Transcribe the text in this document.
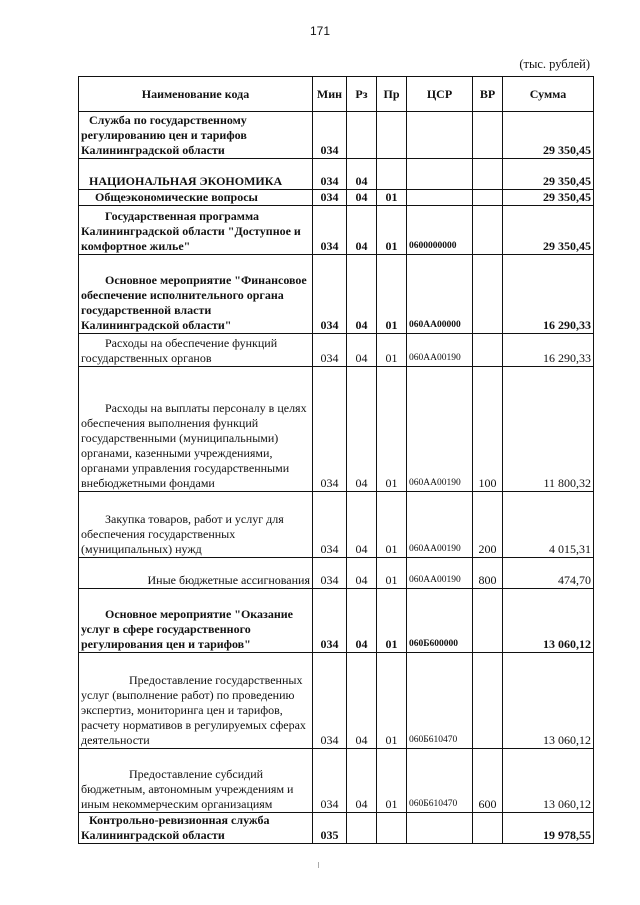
171
(тыс. рублей)
Наименование кода	Мин	Рз	Пр	ЦСР	ВР	Сумма
Служба по государственному регулированию цен и тарифов Калининградской области	034					29 350,45
НАЦИОНАЛЬНАЯ ЭКОНОМИКА	034	04				29 350,45
Общеэкономические вопросы	034	04	01			29 350,45
Государственная программа Калининградской области "Доступное и комфортное жилье"	034	04	01	0600000000		29 350,45
Основное мероприятие "Финансовое обеспечение исполнительного органа государственной власти Калининградской области"	034	04	01	060АА00000		16 290,33
Расходы на обеспечение функций государственных органов	034	04	01	060АА00190		16 290,33
Расходы на выплаты персоналу в целях обеспечения выполнения функций государственными (муниципальными) органами, казенными учреждениями, органами управления государственными внебюджетными фондами	034	04	01	060АА00190	100	11 800,32
Закупка товаров, работ и услуг для обеспечения государственных (муниципальных) нужд	034	04	01	060АА00190	200	4 015,31
Иные бюджетные ассигнования	034	04	01	060АА00190	800	474,70
Основное мероприятие "Оказание услуг в сфере государственного регулирования цен и тарифов"	034	04	01	060Б600000		13 060,12
Предоставление государственных услуг (выполнение работ) по проведению экспертиз, мониторинга цен и тарифов, расчету нормативов в регулируемых сферах деятельности	034	04	01	060Б610470		13 060,12
Предоставление субсидий бюджетным, автономным учреждениям и иным некоммерческим организациям	034	04	01	060Б610470	600	13 060,12
Контрольно-ревизионная служба Калининградской области	035					19 978,55
